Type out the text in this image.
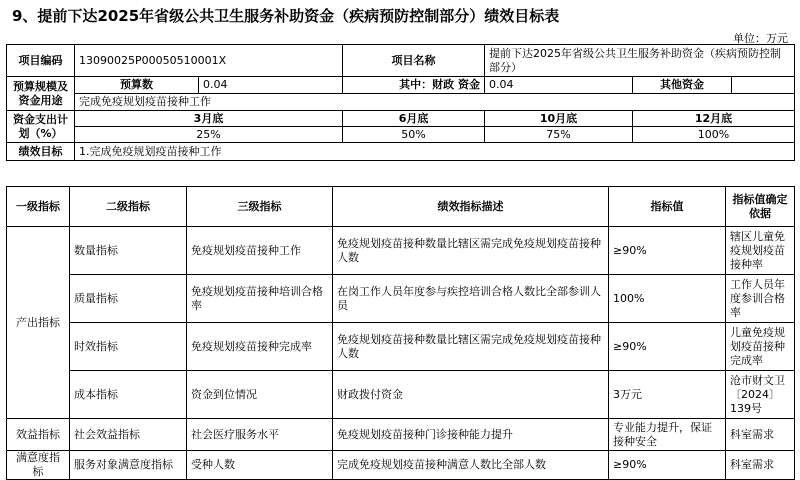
9、提前下达2025年省级公共卫生服务补助资金（疾病预防控制部分）绩效目标表
单位：万元
项目编码	13090025P00050510001X		项目名称	提前下达2025年省级公共卫生服务补助资金（疾病预防控制部分）		
预算规模及资金用途	预算数	0.04	其中：财政 资金	0.04	其他资金	
	完成免疫规划疫苗接种工作					
资金支出计划（%）	3月底		6月底	10月底	12月底	
	25%		50%	75%	100%	
绩效目标	1.完成免疫规划疫苗接种工作					
一级指标	二级指标	三级指标	绩效指标描述	指标值	指标值确定依据
产出指标	数量指标	免疫规划疫苗接种工作	免疫规划疫苗接种数量比辖区需完成免疫规划疫苗接种人数	≥90%	辖区儿童免疫规划疫苗接种率
	质量指标	免疫规划疫苗接种培训合格率	在岗工作人员年度参与疾控培训合格人数比全部参训人员	100%	工作人员年度参训合格率
	时效指标	免疫规划疫苗接种完成率	免疫规划疫苗接种数量比辖区需完成免疫规划疫苗接种人数	≥90%	儿童免疫规划疫苗接种完成率
	成本指标	资金到位情况	财政拨付资金	3万元	沧市财文卫〔2024〕139号
效益指标	社会效益指标	社会医疗服务水平	免疫规划疫苗接种门诊接种能力提升	专业能力提升，保证接种安全	科室需求
满意度指标	服务对象满意度指标	受种人数	完成免疫规划疫苗接种满意人数比全部人数	≥90%	科室需求
